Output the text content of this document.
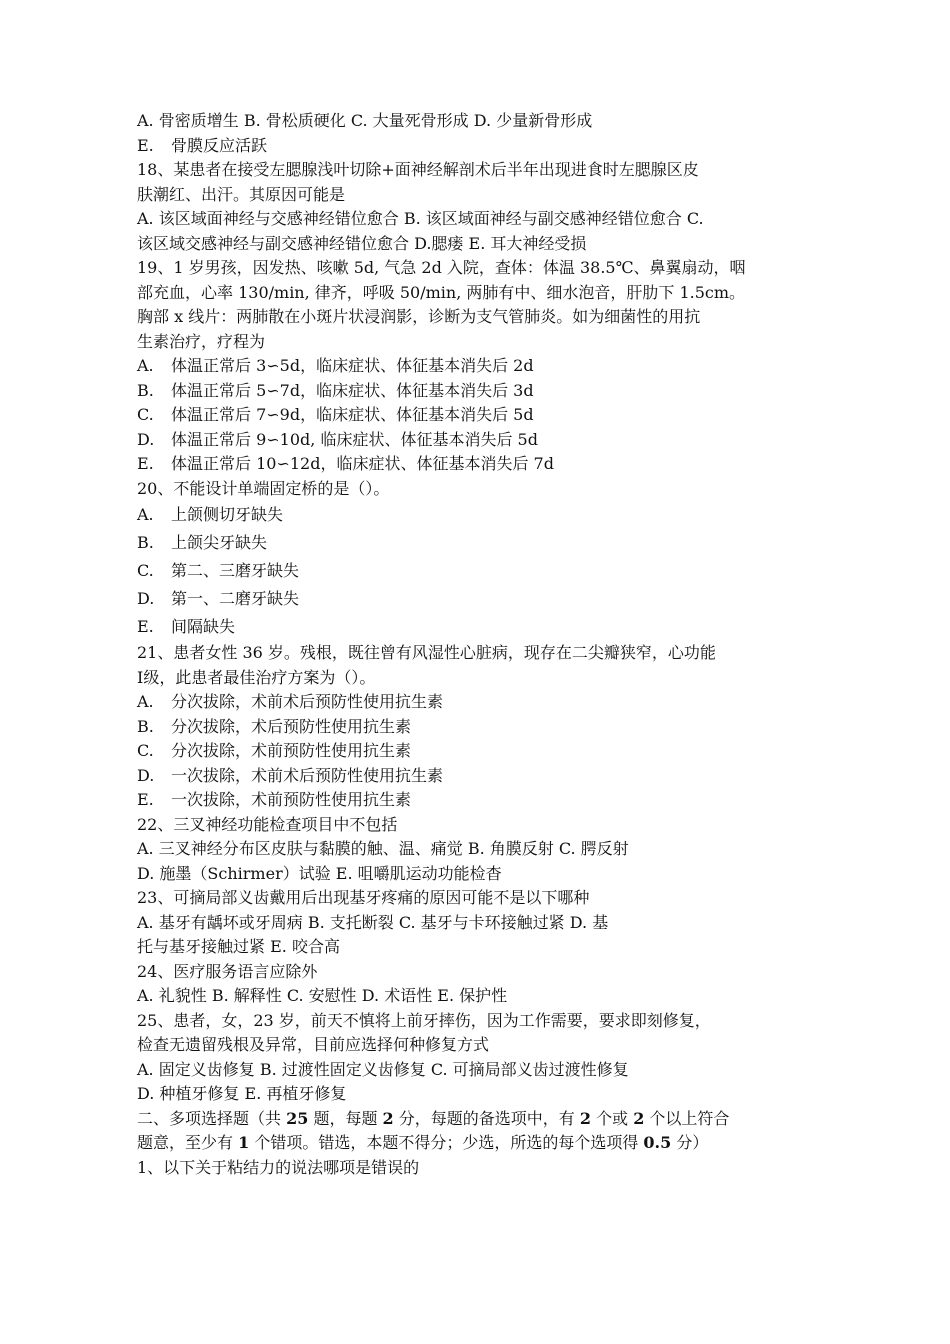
A. 骨密质增生 B. 骨松质硬化 C. 大量死骨形成 D. 少量新骨形成
E. 骨膜反应活跃
18、某患者在接受左腮腺浅叶切除+面神经解剖术后半年出现进食时左腮腺区皮
肤潮红、出汗。其原因可能是
A. 该区域面神经与交感神经错位愈合 B. 该区域面神经与副交感神经错位愈合 C.
该区域交感神经与副交感神经错位愈合 D.腮瘘 E. 耳大神经受损
19、1 岁男孩，因发热、咳嗽 5d, 气急 2d 入院，查体：体温 38.5℃、鼻翼扇动，咽
部充血，心率 130/min, 律齐，呼吸 50/min, 两肺有中、细水泡音，肝肋下 1.5cm。
胸部 x 线片：两肺散在小斑片状浸润影，诊断为支气管肺炎。如为细菌性的用抗
生素治疗，疗程为
A. 体温正常后 3∽5d，临床症状、体征基本消失后 2d
B. 体温正常后 5∽7d，临床症状、体征基本消失后 3d
C. 体温正常后 7∽9d，临床症状、体征基本消失后 5d
D. 体温正常后 9∽10d, 临床症状、体征基本消失后 5d
E. 体温正常后 10∽12d，临床症状、体征基本消失后 7d
20、不能设计单端固定桥的是（）。
A. 上颌侧切牙缺失
B. 上颌尖牙缺失
C. 第二、三磨牙缺失
D. 第一、二磨牙缺失
E. 间隔缺失
21、患者女性 36 岁。残根，既往曾有风湿性心脏病，现存在二尖瓣狭窄，心功能
Ⅰ级，此患者最佳治疗方案为（）。
A. 分次拔除，术前术后预防性使用抗生素
B. 分次拔除，术后预防性使用抗生素
C. 分次拔除，术前预防性使用抗生素
D. 一次拔除，术前术后预防性使用抗生素
E. 一次拔除，术前预防性使用抗生素
22、三叉神经功能检查项目中不包括
A. 三叉神经分布区皮肤与黏膜的触、温、痛觉 B. 角膜反射 C. 腭反射
D. 施墨（Schirmer）试验 E. 咀嚼肌运动功能检杳
23、可摘局部义齿戴用后出现基牙疼痛的原因可能不是以下哪种
A. 基牙有龋坏或牙周病 B. 支托断裂 C. 基牙与卡环接触过紧 D. 基
托与基牙接触过紧 E. 咬合高
24、医疗服务语言应除外
A. 礼貌性 B. 解释性 C. 安慰性 D. 术语性 E. 保护性
25、患者，女，23 岁，前天不慎将上前牙摔伤，因为工作需要，要求即刻修复，
检查无遗留残根及异常，目前应选择何种修复方式
A. 固定义齿修复 B. 过渡性固定义齿修复 C. 可摘局部义齿过渡性修复
D. 种植牙修复 E. 再植牙修复
二、多项选择题（共 25 题，每题 2 分，每题的备选项中，有 2 个或 2 个以上符合
题意，至少有 1 个错项。错选，本题不得分；少选，所选的每个选项得 0.5 分）
1、以下关于粘结力的说法哪项是错误的
